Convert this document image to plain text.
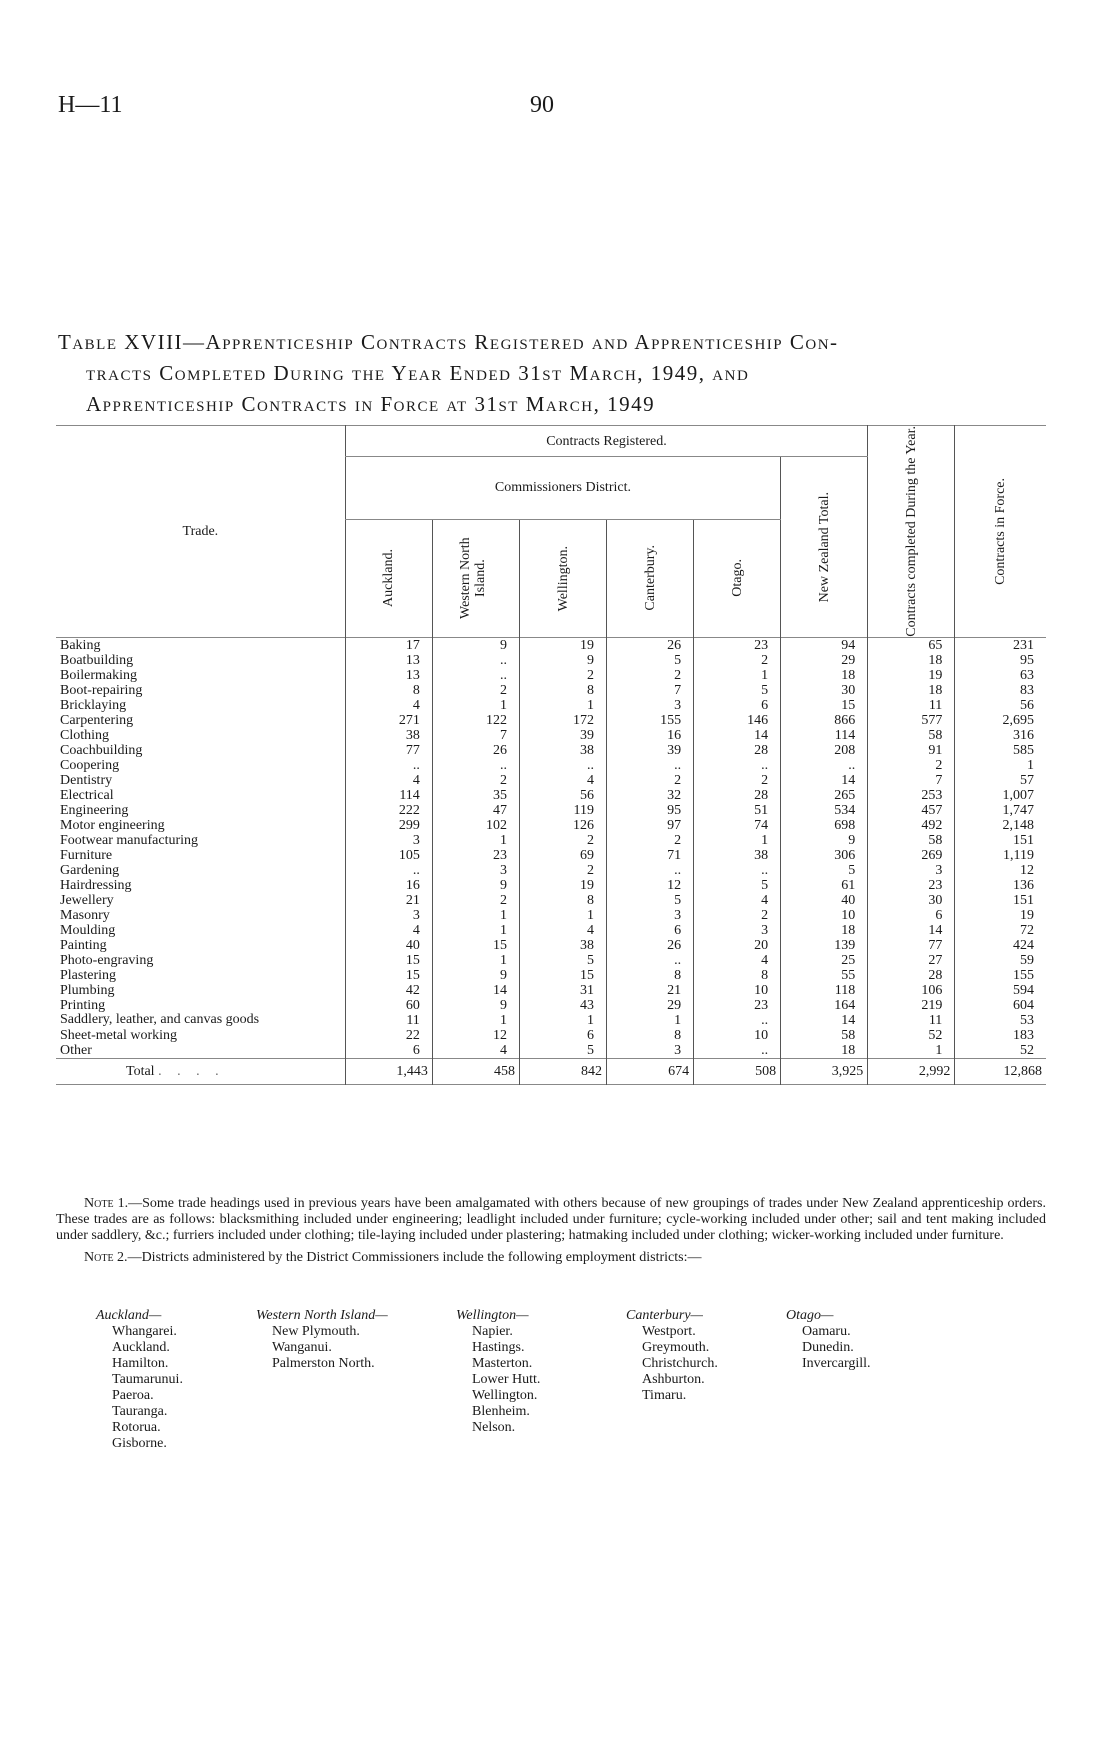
H—11	90
Table XVIII—Apprenticeship Contracts Registered and Apprenticeship Con-
tracts Completed During the Year Ended 31st March, 1949, and
Apprenticeship Contracts in Force at 31st March, 1949
Trade.	Contracts Registered.						Contracts completed During the Year.	Contracts in Force.

	Commissioners District.					New Zealand Total.		

	Auckland.	Western North Island.	Wellington.	Canterbury.	Otago.			

Baking	17	9	19	26	23	94	65	231
Boatbuilding	13	..	9	5	2	29	18	95
Boilermaking	13	..	2	2	1	18	19	63
Boot-repairing	8	2	8	7	5	30	18	83
Bricklaying	4	1	1	3	6	15	11	56
Carpentering	271	122	172	155	146	866	577	2,695
Clothing	38	7	39	16	14	114	58	316
Coachbuilding	77	26	38	39	28	208	91	585
Coopering	..	..	..	..	..	..	2	1
Dentistry	4	2	4	2	2	14	7	57
Electrical	114	35	56	32	28	265	253	1,007
Engineering	222	47	119	95	51	534	457	1,747
Motor engineering	299	102	126	97	74	698	492	2,148
Footwear manufacturing	3	1	2	2	1	9	58	151
Furniture	105	23	69	71	38	306	269	1,119
Gardening	..	3	2	..	..	5	3	12
Hairdressing	16	9	19	12	5	61	23	136
Jewellery	21	2	8	5	4	40	30	151
Masonry	3	1	1	3	2	10	6	19
Moulding	4	1	4	6	3	18	14	72
Painting	40	15	38	26	20	139	77	424
Photo-engraving	15	1	5	..	4	25	27	59
Plastering	15	9	15	8	8	55	28	155
Plumbing	42	14	31	21	10	118	106	594
Printing	60	9	43	29	23	164	219	604
Saddlery, leather, and canvas goods	11	1	1	1	..	14	11	53
Sheet-metal working	22	12	6	8	10	58	52	183
Other	6	4	5	3	..	18	1	52
Total . . . .	1,443	458	842	674	508	3,925	2,992	12,868

Note 1.—Some trade headings used in previous years have been amalgamated with others because of new groupings of trades under New Zealand apprenticeship orders. These trades are as follows: blacksmithing included under engineering; leadlight included under furniture; cycle-working included under other; sail and tent making included under saddlery, &c.; furriers included under clothing; tile-laying included under plastering; hatmaking included under clothing; wicker-working included under furniture.

Note 2.—Districts administered by the District Commissioners include the following employment districts:—

Auckland—
Whangarei.
Auckland.
Hamilton.
Taumarunui.
Paeroa.
Tauranga.
Rotorua.
Gisborne.
Western North Island—
New Plymouth.
Wanganui.
Palmerston North.
Wellington—
Napier.
Hastings.
Masterton.
Lower Hutt.
Wellington.
Blenheim.
Nelson.
Canterbury—
Westport.
Greymouth.
Christchurch.
Ashburton.
Timaru.
Otago—
Oamaru.
Dunedin.
Invercargill.
